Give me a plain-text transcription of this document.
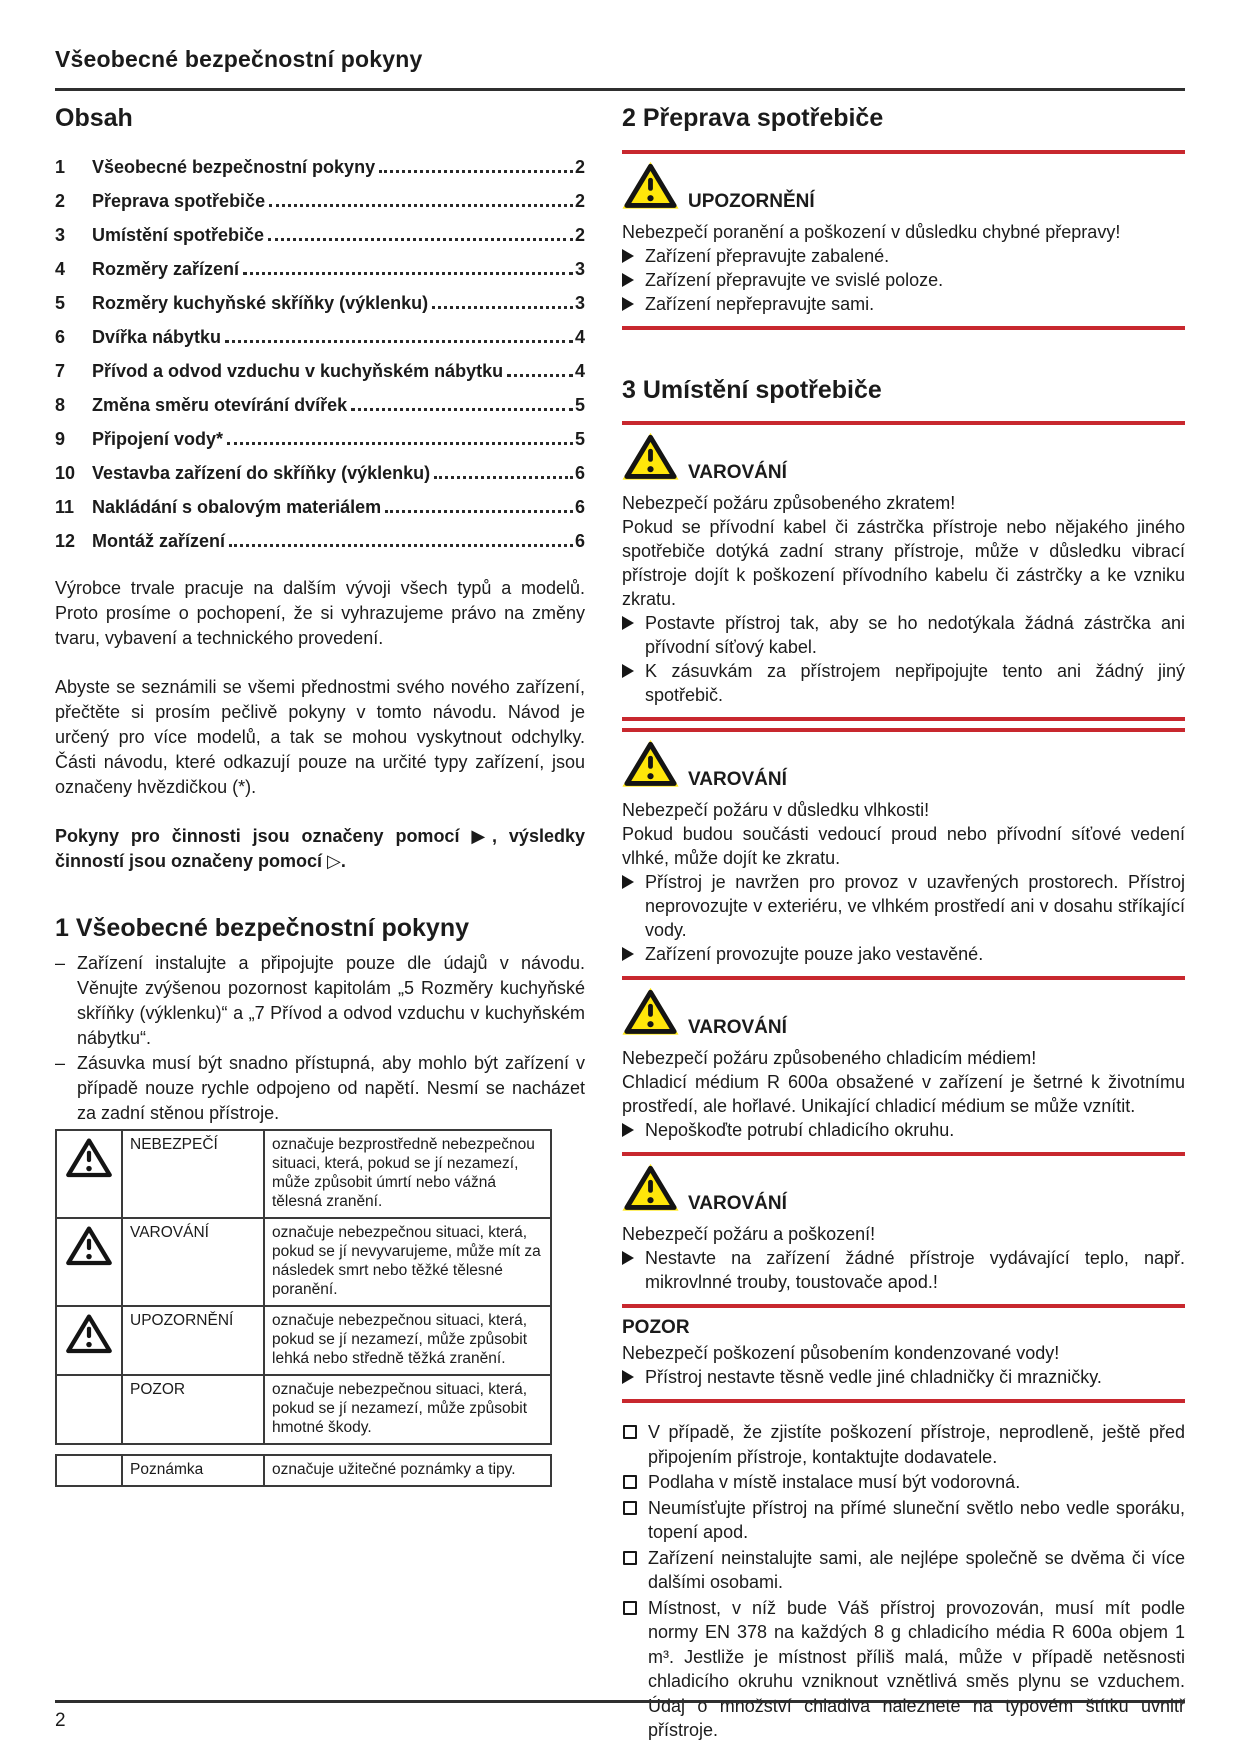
Všeobecné bezpečnostní pokyny
Obsah
1	Všeobecné bezpečnostní pokyny	2
2	Přeprava spotřebiče	2
3	Umístění spotřebiče	2
4	Rozměry zařízení	3
5	Rozměry kuchyňské skříňky (výklenku)	3
6	Dvířka nábytku	4
7	Přívod a odvod vzduchu v kuchyňském nábytku	4
8	Změna směru otevírání dvířek	5
9	Připojení vody*	5
10 Vestavba zařízení do skříňky (výklenku)	6
11 Nakládání s obalovým materiálem	6
12 Montáž zařízení	6

Výrobce trvale pracuje na dalším vývoji všech typů a modelů. Proto prosíme o pochopení, že si vyhrazujeme právo na změny tvaru, vybavení a technického provedení.

Abyste se seznámili se všemi přednostmi svého nového zařízení, přečtěte si prosím pečlivě pokyny v tomto návodu. Návod je určený pro více modelů, a tak se mohou vyskytnout odchylky. Části návodu, které odkazují pouze na určité typy zařízení, jsou označeny hvězdičkou (*).

Pokyny pro činnosti jsou označeny pomocí ▶, výsledky činností jsou označeny pomocí ▷.

1 Všeobecné bezpečnostní pokyny
– Zařízení instalujte a připojujte pouze dle údajů v návodu. Věnujte zvýšenou pozornost kapitolám „5 Rozměry kuchyňské skříňky (výklenku)“ a „7 Přívod a odvod vzduchu v kuchyňském nábytku“.
– Zásuvka musí být snadno přístupná, aby mohlo být zařízení v případě nouze rychle odpojeno od napětí. Nesmí se nacházet za zadní stěnou přístroje.
	NEBEZPEČÍ	označuje bezprostředně nebezpečnou situaci, která, pokud se jí nezamezí, může způsobit úmrtí nebo vážná tělesná zranění.

	VAROVÁNÍ	označuje nebezpečnou situaci, která, pokud se jí nevyvarujeme, může mít za následek smrt nebo těžké tělesné poranění.

	UPOZORNĚNÍ	označuje nebezpečnou situaci, která, pokud se jí nezamezí, může způsobit lehká nebo středně těžká zranění.
	POZOR	označuje nebezpečnou situaci, která, pokud se jí nezamezí, může způsobit hmotné škody.
	Poznámka	označuje užitečné poznámky a tipy.
2 Přeprava spotřebiče
UPOZORNĚNÍ

Nebezpečí poranění a poškození v důsledku chybné přepravy!

Zařízení přepravujte zabalené.
Zařízení přepravujte ve svislé poloze.
Zařízení nepřepravujte sami.
3 Umístění spotřebiče
VAROVÁNÍ

Nebezpečí požáru způsobeného zkratem!

Pokud se přívodní kabel či zástrčka přístroje nebo nějakého jiného spotřebiče dotýká zadní strany přístroje, může v důsledku vibrací přístroje dojít k poškození přívodního kabelu či zástrčky a ke vzniku zkratu.

Postavte přístroj tak, aby se ho nedotýkala žádná zástrčka ani přívodní síťový kabel.
K zásuvkám za přístrojem nepřipojujte tento ani žádný jiný spotřebič.
VAROVÁNÍ

Nebezpečí požáru v důsledku vlhkosti!

Pokud budou součásti vedoucí proud nebo přívodní síťové vedení vlhké, může dojít ke zkratu.

Přístroj je navržen pro provoz v uzavřených prostorech. Přístroj neprovozujte v exteriéru, ve vlhkém prostředí ani v dosahu stříkající vody.
Zařízení provozujte pouze jako vestavěné.
VAROVÁNÍ

Nebezpečí požáru způsobeného chladicím médiem!

Chladicí médium R 600a obsažené v zařízení je šetrné k životnímu prostředí, ale hořlavé. Unikající chladicí médium se může vznítit.

Nepoškoďte potrubí chladicího okruhu.
VAROVÁNÍ

Nebezpečí požáru a poškození!

Nestavte na zařízení žádné přístroje vydávající teplo, např. mikrovlnné trouby, toustovače apod.!
POZOR

Nebezpečí poškození působením kondenzované vody!

Přístroj nestavte těsně vedle jiné chladničky či mrazničky.
V případě, že zjistíte poškození přístroje, neprodleně, ještě před připojením přístroje, kontaktujte dodavatele.
Podlaha v místě instalace musí být vodorovná.
Neumísťujte přístroj na přímé sluneční světlo nebo vedle sporáku, topení apod.
Zařízení neinstalujte sami, ale nejlépe společně se dvěma či více dalšími osobami.
Místnost, v níž bude Váš přístroj provozován, musí mít podle normy EN 378 na každých 8 g chladicího média R 600a objem 1 m³. Jestliže je místnost příliš malá, může v případě netěsnosti chladicího okruhu vzniknout vznětlivá směs plynu se vzduchem. Údaj o množství chladiva naleznete na typovém štítku uvnitř přístroje.
2
